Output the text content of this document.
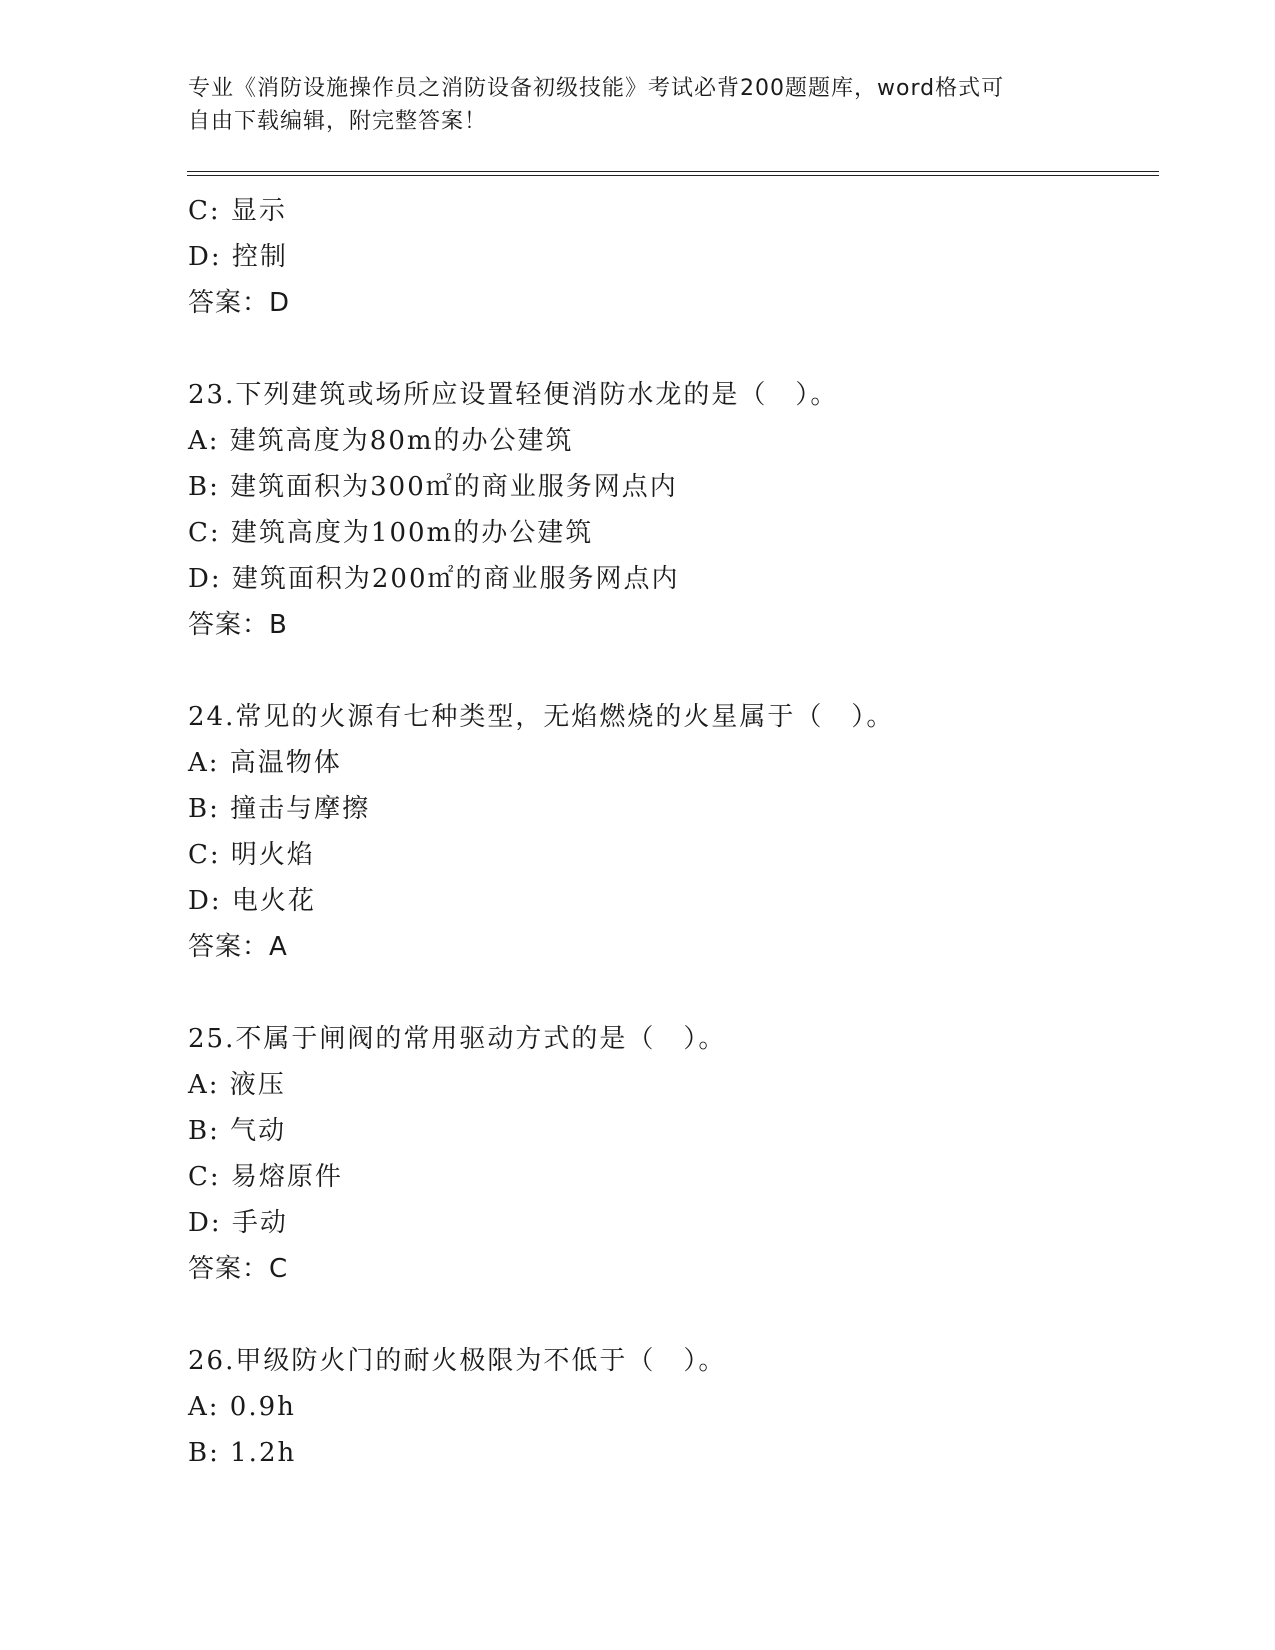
专业《消防设施操作员之消防设备初级技能》考试必背200题题库，word格式可
自由下载编辑，附完整答案！
C: 显示
D: 控制
答案：D
23.下列建筑或场所应设置轻便消防水龙的是（　）。
A: 建筑高度为80m的办公建筑
B: 建筑面积为300㎡的商业服务网点内
C: 建筑高度为100m的办公建筑
D: 建筑面积为200㎡的商业服务网点内
答案：B
24.常见的火源有七种类型，无焰燃烧的火星属于（　）。
A: 高温物体
B: 撞击与摩擦
C: 明火焰
D: 电火花
答案：A
25.不属于闸阀的常用驱动方式的是（　）。
A: 液压
B: 气动
C: 易熔原件
D: 手动
答案：C
26.甲级防火门的耐火极限为不低于（　）。
A: 0.9h
B: 1.2h
